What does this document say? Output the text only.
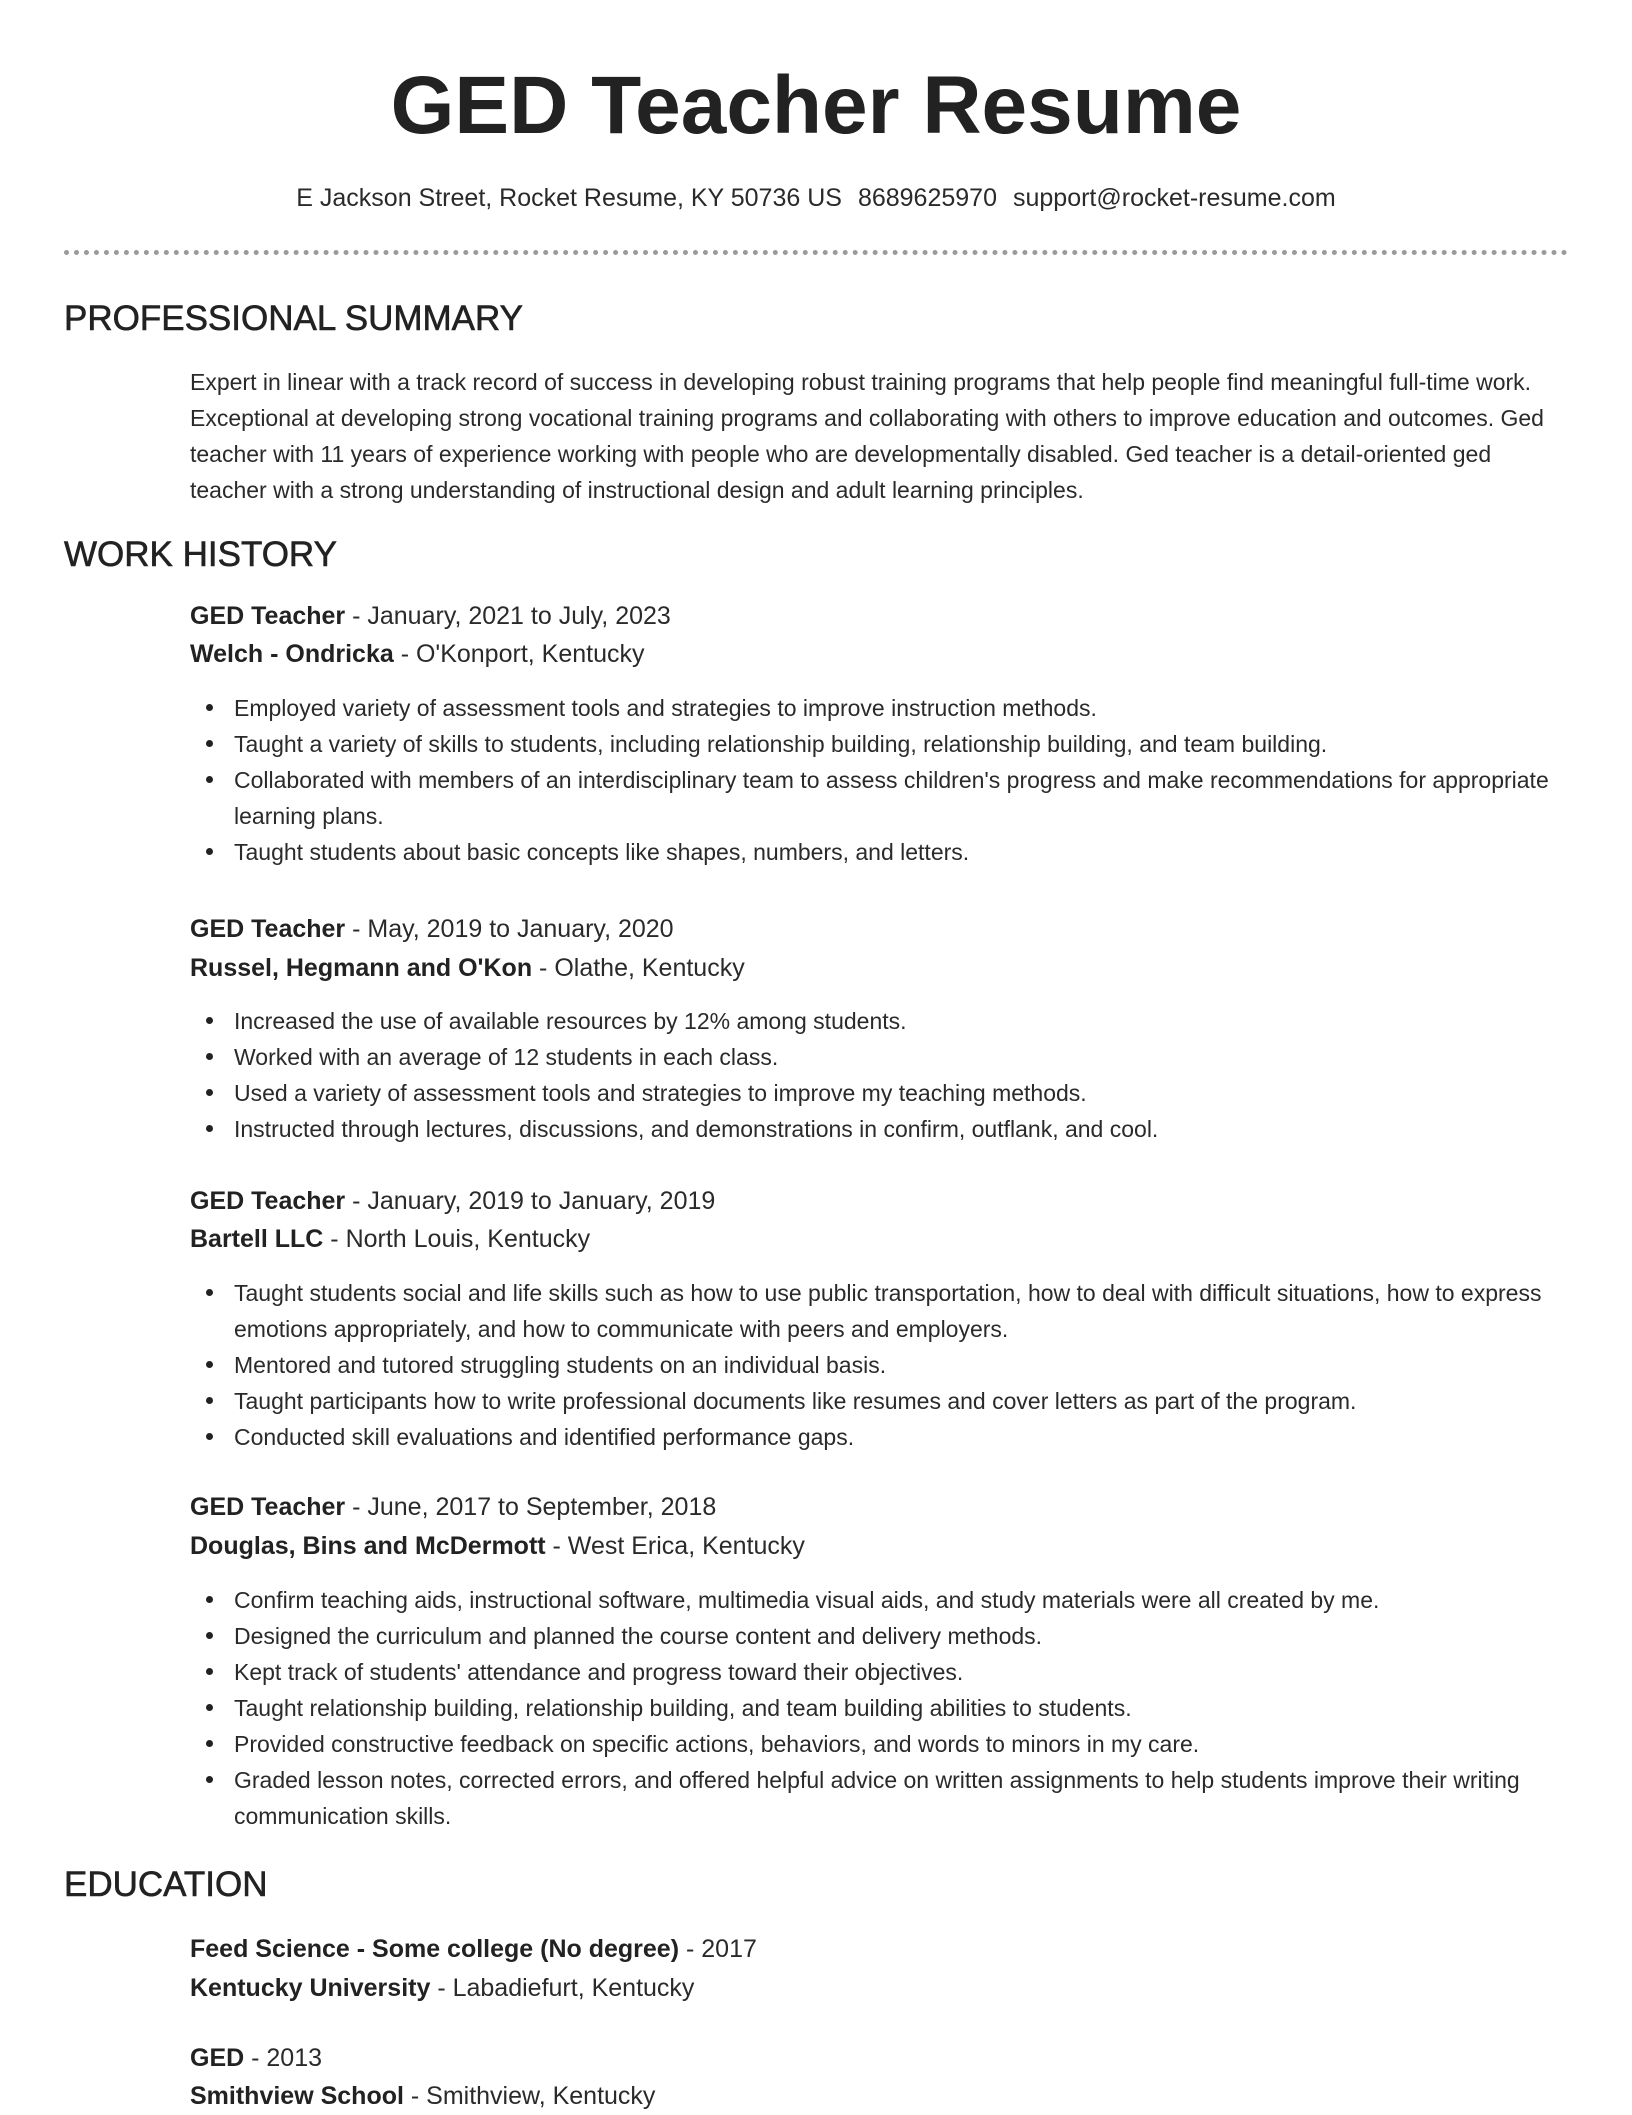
GED Teacher Resume
E Jackson Street, Rocket Resume, KY 50736 US 8689625970 support@rocket-resume.com
PROFESSIONAL SUMMARY
Expert in linear with a track record of success in developing robust training programs that help people find meaningful full-time work. Exceptional at developing strong vocational training programs and collaborating with others to improve education and outcomes. Ged teacher with 11 years of experience working with people who are developmentally disabled. Ged teacher is a detail-oriented ged teacher with a strong understanding of instructional design and adult learning principles.
WORK HISTORY
GED Teacher - January, 2021 to July, 2023
Welch - Ondricka - O'Konport, Kentucky
Employed variety of assessment tools and strategies to improve instruction methods.
Taught a variety of skills to students, including relationship building, relationship building, and team building.
Collaborated with members of an interdisciplinary team to assess children's progress and make recommendations for appropriate learning plans.
Taught students about basic concepts like shapes, numbers, and letters.
GED Teacher - May, 2019 to January, 2020
Russel, Hegmann and O'Kon - Olathe, Kentucky
Increased the use of available resources by 12% among students.
Worked with an average of 12 students in each class.
Used a variety of assessment tools and strategies to improve my teaching methods.
Instructed through lectures, discussions, and demonstrations in confirm, outflank, and cool.
GED Teacher - January, 2019 to January, 2019
Bartell LLC - North Louis, Kentucky
Taught students social and life skills such as how to use public transportation, how to deal with difficult situations, how to express emotions appropriately, and how to communicate with peers and employers.
Mentored and tutored struggling students on an individual basis.
Taught participants how to write professional documents like resumes and cover letters as part of the program.
Conducted skill evaluations and identified performance gaps.
GED Teacher - June, 2017 to September, 2018
Douglas, Bins and McDermott - West Erica, Kentucky
Confirm teaching aids, instructional software, multimedia visual aids, and study materials were all created by me.
Designed the curriculum and planned the course content and delivery methods.
Kept track of students' attendance and progress toward their objectives.
Taught relationship building, relationship building, and team building abilities to students.
Provided constructive feedback on specific actions, behaviors, and words to minors in my care.
Graded lesson notes, corrected errors, and offered helpful advice on written assignments to help students improve their writing communication skills.
EDUCATION
Feed Science - Some college (No degree) - 2017
Kentucky University - Labadiefurt, Kentucky
GED - 2013
Smithview School - Smithview, Kentucky
